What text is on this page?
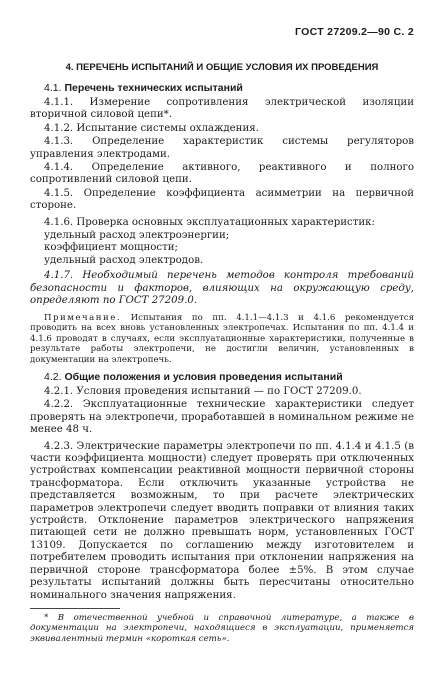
ГОСТ 27209.2—90 С. 2
4. ПЕРЕЧЕНЬ ИСПЫТАНИЙ И ОБЩИЕ УСЛОВИЯ ИХ ПРОВЕДЕНИЯ
4.1. Перечень технических испытаний

4.1.1. Измерение сопротивления электрической изоляции вторичной силовой цепи*.

4.1.2. Испытание системы охлаждения.

4.1.3. Определение характеристик системы регуляторов управления электродами.

4.1.4. Определение активного, реактивного и полного сопротивлений силовой цепи.

4.1.5. Определение коэффициента асимметрии на первичной стороне.

4.1.6. Проверка основных эксплуатационных характеристик:

удельный расход электроэнергии;

коэффициент мощности;

удельный расход электродов.

4.1.7. Необходимый перечень методов контроля требований безопасности и факторов, влияющих на окружающую среду, определяют по ГОСТ 27209.0.

Примечание. Испытания по пп. 4.1.1—4.1.3 и 4.1.6 рекомендуется проводить на всех вновь установленных электропечах. Испытания по пп. 4.1.4 и 4.1.6 проводят в случаях, если эксплуатационные характеристики, полученные в результате работы электропечи, не достигли величин, установленных в документации на электропечь.

4.2. Общие положения и условия проведения испытаний

4.2.1. Условия проведения испытаний — по ГОСТ 27209.0.

4.2.2. Эксплуатационные технические характеристики следует проверять на электропечи, проработавшей в номинальном режиме не менее 48 ч.

4.2.3. Электрические параметры электропечи по пп. 4.1.4 и 4.1.5 (в части коэффициента мощности) следует проверять при отключенных устройствах компенсации реактивной мощности первичной стороны трансформатора. Если отключить указанные устройства не представляется возможным, то при расчете электрических параметров электропечи следует вводить поправки от влияния таких устройств. Отклонение параметров электрического напряжения питающей сети не должно превышать норм, установленных ГОСТ 13109. Допускается по соглашению между изготовителем и потребителем проводить испытания при отклонении напряжения на первичной стороне трансформатора более ±5%. В этом случае результаты испытаний должны быть пересчитаны относительно номинального значения напряжения.

* В отечественной учебной и справочной литературе, а также в документации на электропечи, находящиеся в эксплуатации, применяется эквивалентный термин «короткая сеть».
